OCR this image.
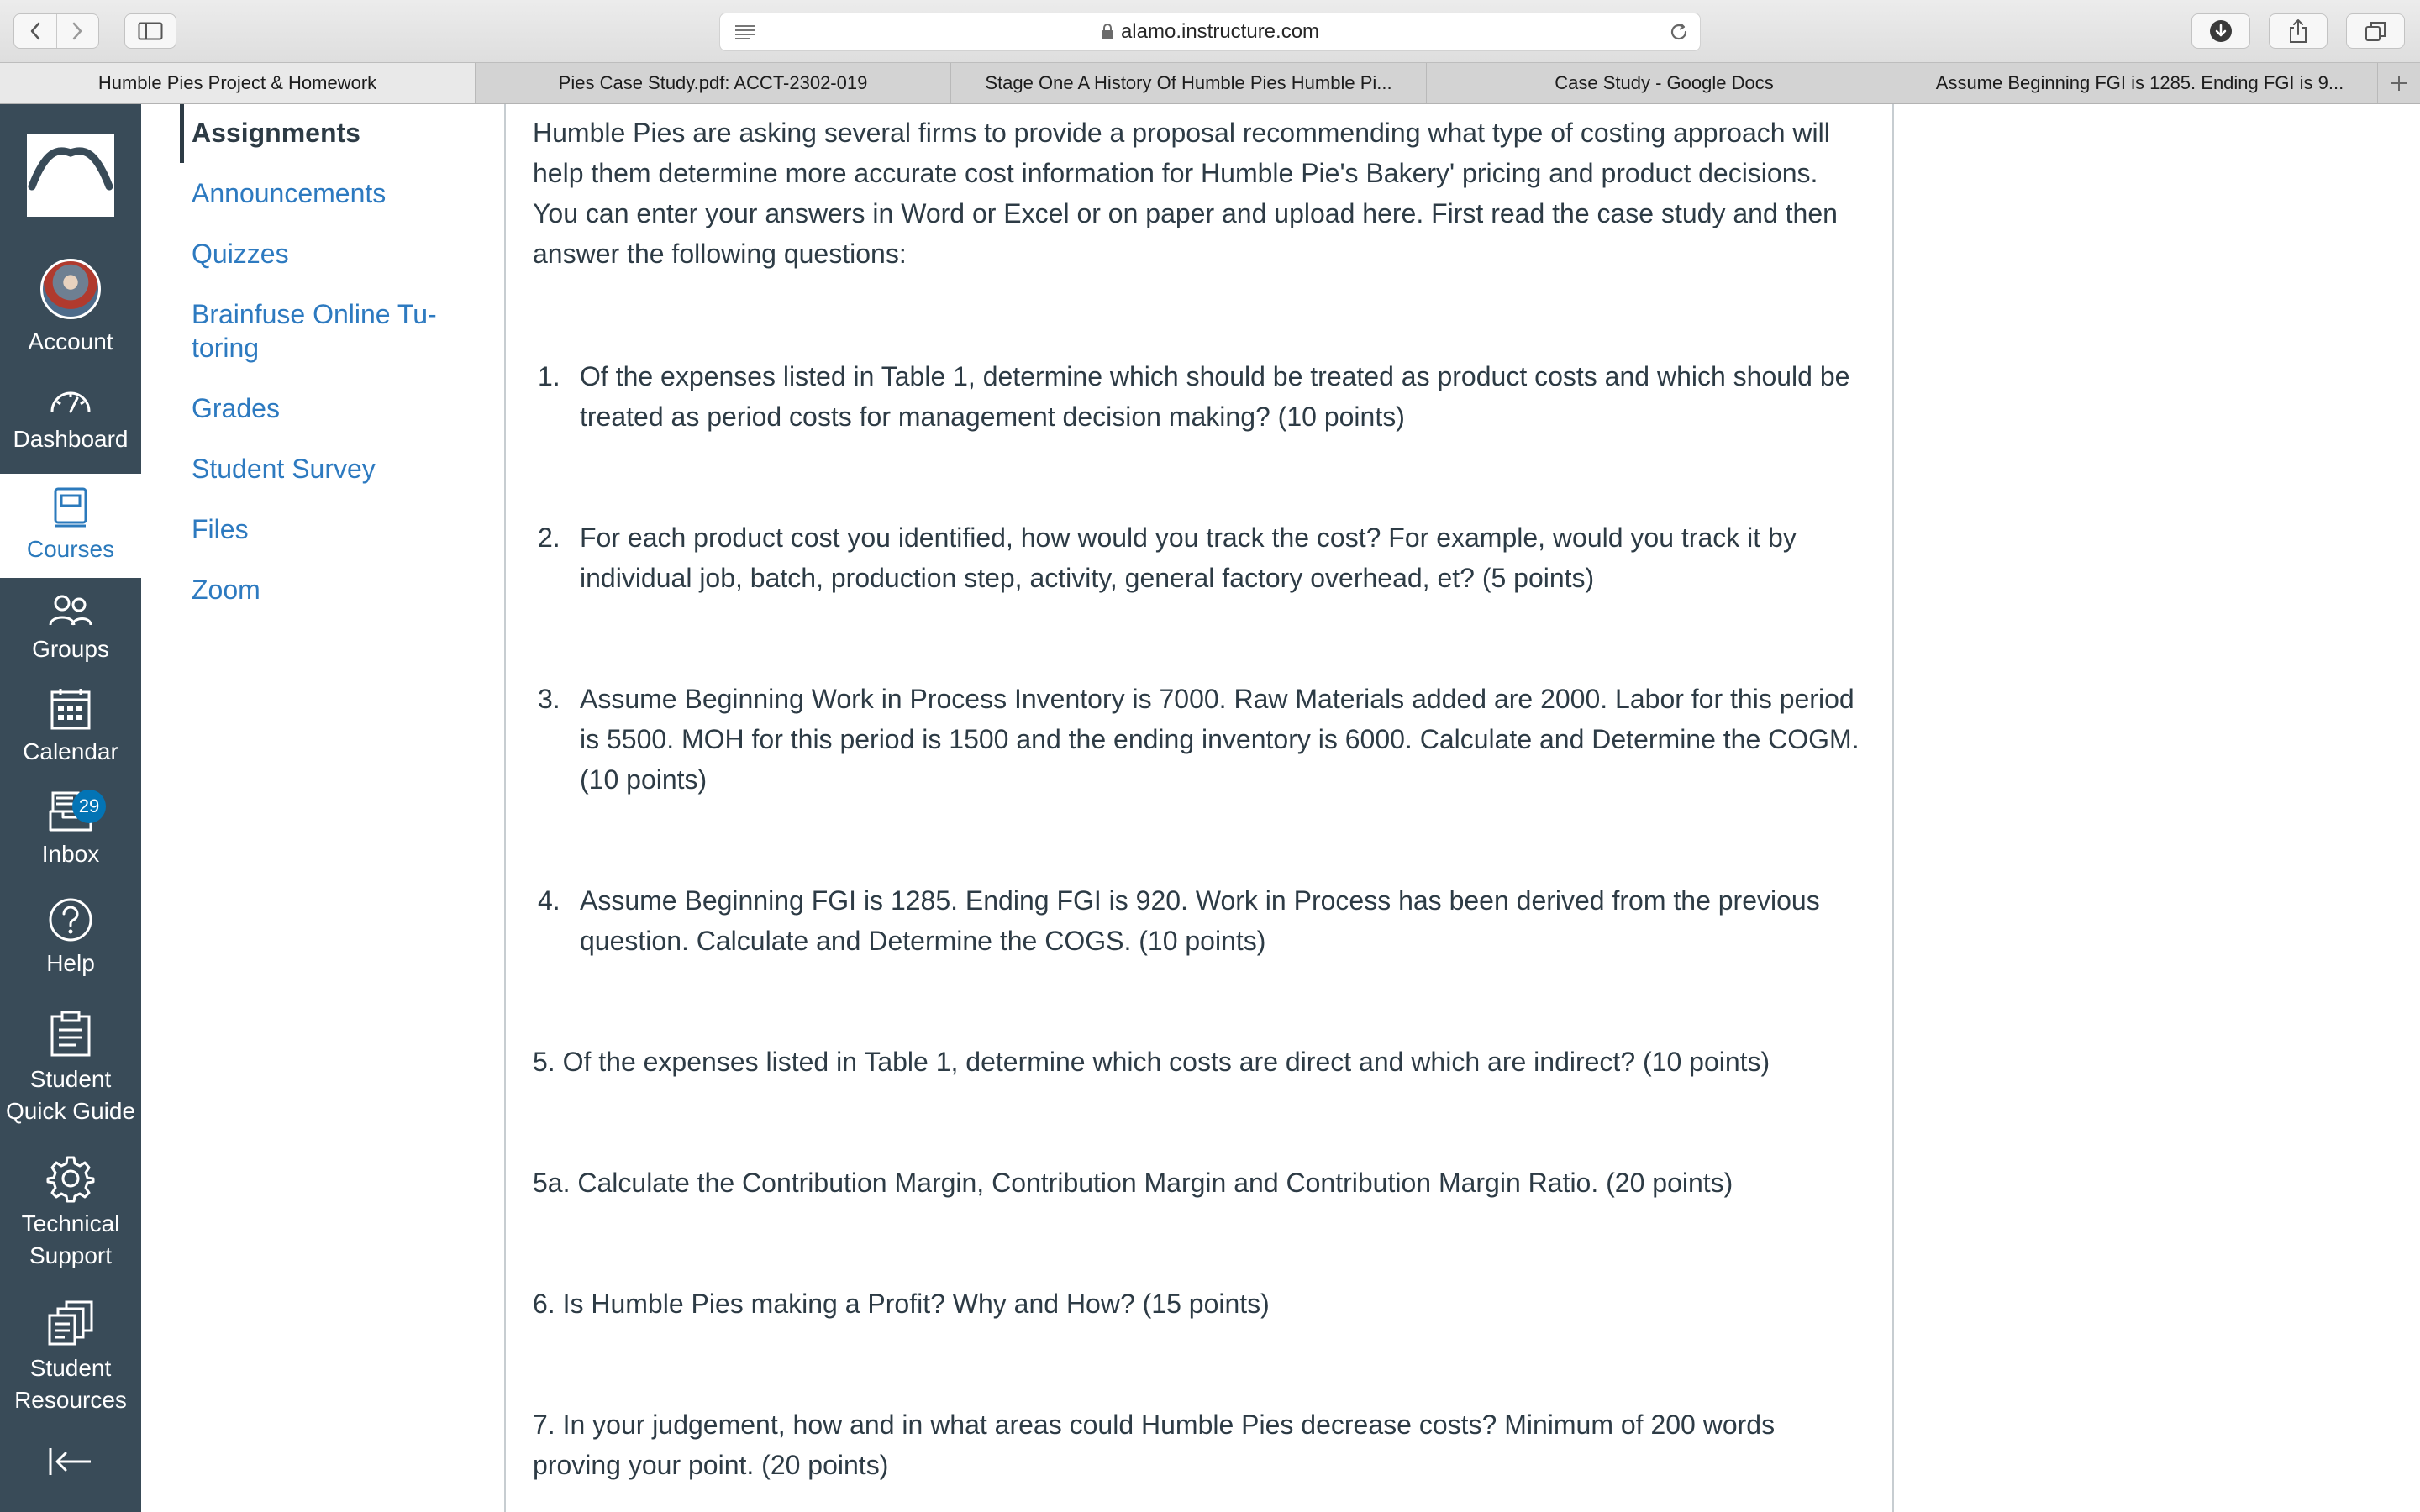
alamo.instructure.com
Humble Pies Project & Homework	Pies Case Study.pdf: ACCT-2302-019	Stage One A History Of Humble Pies Humble Pi...	Case Study - Google Docs	Assume Beginning FGI is 1285. Ending FGI is 9...
Account
Dashboard
Courses
Groups
Calendar
29
Inbox
Help
Student
Quick Guide
Technical
Support
Student
Resources
Assignments
Announcements
Quizzes
Brainfuse Online Tu-
toring
Grades
Student Survey
Files
Zoom
Humble Pies are asking several firms to provide a proposal recommending what type of costing approach will help them determine more accurate cost information for Humble Pie's Bakery' pricing and product decisions. You can enter your answers in Word or Excel or on paper and upload here. First read the case study and then answer the following questions:
1. Of the expenses listed in Table 1, determine which should be treated as product costs and which should be treated as period costs for management decision making? (10 points)
2. For each product cost you identified, how would you track the cost? For example, would you track it by individual job, batch, production step, activity, general factory overhead, et? (5 points)
3. Assume Beginning Work in Process Inventory is 7000. Raw Materials added are 2000. Labor for this period is 5500. MOH for this period is 1500 and the ending inventory is 6000. Calculate and Determine the COGM. (10 points)
4. Assume Beginning FGI is 1285. Ending FGI is 920. Work in Process has been derived from the previous question. Calculate and Determine the COGS. (10 points)
5. Of the expenses listed in Table 1, determine which costs are direct and which are indirect? (10 points)
5a. Calculate the Contribution Margin, Contribution Margin and Contribution Margin Ratio. (20 points)
6. Is Humble Pies making a Profit? Why and How? (15 points)
7. In your judgement, how and in what areas could Humble Pies decrease costs? Minimum of 200 words proving your point. (20 points)
